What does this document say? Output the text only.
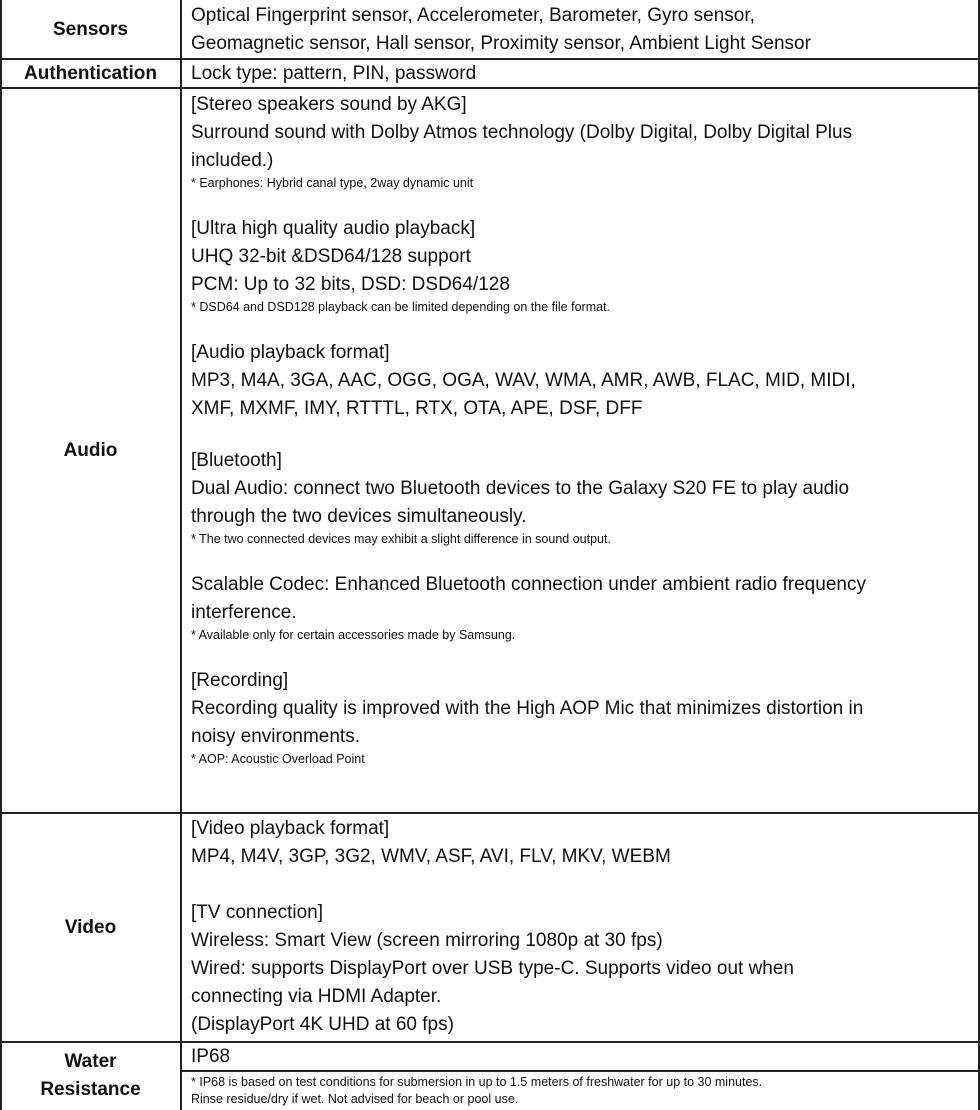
Sensors
Optical Fingerprint sensor, Accelerometer, Barometer, Gyro sensor,
Geomagnetic sensor, Hall sensor, Proximity sensor, Ambient Light Sensor
Authentication	Lock type: pattern, PIN, password
Audio
[Stereo speakers sound by AKG]
Surround sound with Dolby Atmos technology (Dolby Digital, Dolby Digital Plus
included.)
* Earphones: Hybrid canal type, 2way dynamic unit
[Ultra high quality audio playback]
UHQ 32-bit &DSD64/128 support
PCM: Up to 32 bits, DSD: DSD64/128
* DSD64 and DSD128 playback can be limited depending on the file format.
[Audio playback format]
MP3, M4A, 3GA, AAC, OGG, OGA, WAV, WMA, AMR, AWB, FLAC, MID, MIDI,
XMF, MXMF, IMY, RTTTL, RTX, OTA, APE, DSF, DFF
[Bluetooth]
Dual Audio: connect two Bluetooth devices to the Galaxy S20 FE to play audio
through the two devices simultaneously.
* The two connected devices may exhibit a slight difference in sound output.
Scalable Codec: Enhanced Bluetooth connection under ambient radio frequency
interference.
* Available only for certain accessories made by Samsung.
[Recording]
Recording quality is improved with the High AOP Mic that minimizes distortion in
noisy environments.
* AOP: Acoustic Overload Point
Video
[Video playback format]
MP4, M4V, 3GP, 3G2, WMV, ASF, AVI, FLV, MKV, WEBM
[TV connection]
Wireless: Smart View (screen mirroring 1080p at 30 fps)
Wired: supports DisplayPort over USB type-C. Supports video out when
connecting via HDMI Adapter.
(DisplayPort 4K UHD at 60 fps)
Water
Resistance
IP68
* IP68 is based on test conditions for submersion in up to 1.5 meters of freshwater for up to 30 minutes.
Rinse residue/dry if wet. Not advised for beach or pool use.
